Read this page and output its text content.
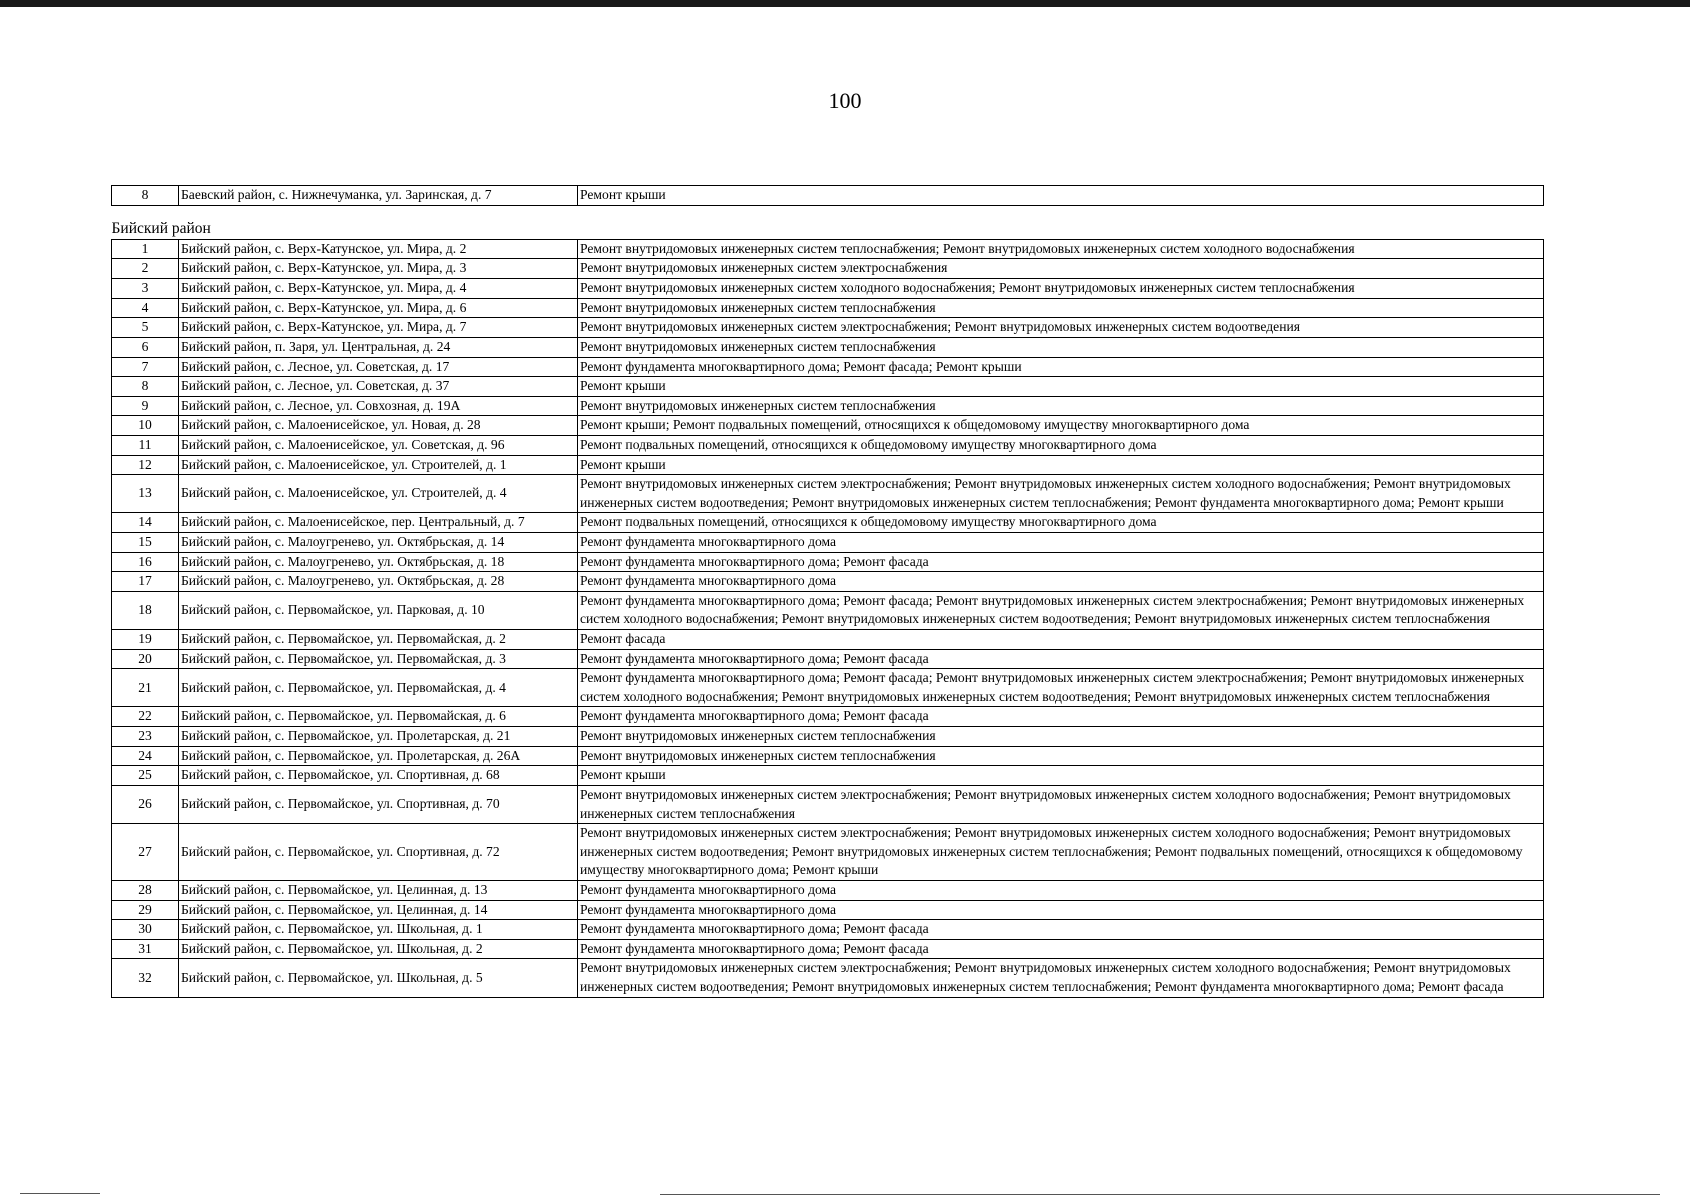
100
8	Баевский район, с. Нижнечуманка, ул. Заринская, д. 7	Ремонт крыши
Бийский район		
1	Бийский район, с. Верх-Катунское, ул. Мира, д. 2	Ремонт внутридомовых инженерных систем теплоснабжения; Ремонт внутридомовых инженерных систем холодного водоснабжения
2	Бийский район, с. Верх-Катунское, ул. Мира, д. 3	Ремонт внутридомовых инженерных систем электроснабжения
3	Бийский район, с. Верх-Катунское, ул. Мира, д. 4	Ремонт внутридомовых инженерных систем холодного водоснабжения; Ремонт внутридомовых инженерных систем теплоснабжения
4	Бийский район, с. Верх-Катунское, ул. Мира, д. 6	Ремонт внутридомовых инженерных систем теплоснабжения
5	Бийский район, с. Верх-Катунское, ул. Мира, д. 7	Ремонт внутридомовых инженерных систем электроснабжения; Ремонт внутридомовых инженерных систем водоотведения
6	Бийский район, п. Заря, ул. Центральная, д. 24	Ремонт внутридомовых инженерных систем теплоснабжения
7	Бийский район, с. Лесное, ул. Советская, д. 17	Ремонт фундамента многоквартирного дома; Ремонт фасада; Ремонт крыши
8	Бийский район, с. Лесное, ул. Советская, д. 37	Ремонт крыши
9	Бийский район, с. Лесное, ул. Совхозная, д. 19А	Ремонт внутридомовых инженерных систем теплоснабжения
10	Бийский район, с. Малоенисейское, ул. Новая, д. 28	Ремонт крыши; Ремонт подвальных помещений, относящихся к общедомовому имуществу многоквартирного дома
11	Бийский район, с. Малоенисейское, ул. Советская, д. 96	Ремонт подвальных помещений, относящихся к общедомовому имуществу многоквартирного дома
12	Бийский район, с. Малоенисейское, ул. Строителей, д. 1	Ремонт крыши
13	Бийский район, с. Малоенисейское, ул. Строителей, д. 4	Ремонт внутридомовых инженерных систем электроснабжения; Ремонт внутридомовых инженерных систем холодного водоснабжения; Ремонт внутридомовых инженерных систем водоотведения; Ремонт внутридомовых инженерных систем теплоснабжения; Ремонт фундамента многоквартирного дома; Ремонт крыши
14	Бийский район, с. Малоенисейское, пер. Центральный, д. 7	Ремонт подвальных помещений, относящихся к общедомовому имуществу многоквартирного дома
15	Бийский район, с. Малоугренево, ул. Октябрьская, д. 14	Ремонт фундамента многоквартирного дома
16	Бийский район, с. Малоугренево, ул. Октябрьская, д. 18	Ремонт фундамента многоквартирного дома; Ремонт фасада
17	Бийский район, с. Малоугренево, ул. Октябрьская, д. 28	Ремонт фундамента многоквартирного дома
18	Бийский район, с. Первомайское, ул. Парковая, д. 10	Ремонт фундамента многоквартирного дома; Ремонт фасада; Ремонт внутридомовых инженерных систем электроснабжения; Ремонт внутридомовых инженерных систем холодного водоснабжения; Ремонт внутридомовых инженерных систем водоотведения; Ремонт внутридомовых инженерных систем теплоснабжения
19	Бийский район, с. Первомайское, ул. Первомайская, д. 2	Ремонт фасада
20	Бийский район, с. Первомайское, ул. Первомайская, д. 3	Ремонт фундамента многоквартирного дома; Ремонт фасада
21	Бийский район, с. Первомайское, ул. Первомайская, д. 4	Ремонт фундамента многоквартирного дома; Ремонт фасада; Ремонт внутридомовых инженерных систем электроснабжения; Ремонт внутридомовых инженерных систем холодного водоснабжения; Ремонт внутридомовых инженерных систем водоотведения; Ремонт внутридомовых инженерных систем теплоснабжения
22	Бийский район, с. Первомайское, ул. Первомайская, д. 6	Ремонт фундамента многоквартирного дома; Ремонт фасада
23	Бийский район, с. Первомайское, ул. Пролетарская, д. 21	Ремонт внутридомовых инженерных систем теплоснабжения
24	Бийский район, с. Первомайское, ул. Пролетарская, д. 26А	Ремонт внутридомовых инженерных систем теплоснабжения
25	Бийский район, с. Первомайское, ул. Спортивная, д. 68	Ремонт крыши
26	Бийский район, с. Первомайское, ул. Спортивная, д. 70	Ремонт внутридомовых инженерных систем электроснабжения; Ремонт внутридомовых инженерных систем холодного водоснабжения; Ремонт внутридомовых инженерных систем теплоснабжения
27	Бийский район, с. Первомайское, ул. Спортивная, д. 72	Ремонт внутридомовых инженерных систем электроснабжения; Ремонт внутридомовых инженерных систем холодного водоснабжения; Ремонт внутридомовых инженерных систем водоотведения; Ремонт внутридомовых инженерных систем теплоснабжения; Ремонт подвальных помещений, относящихся к общедомовому имуществу многоквартирного дома; Ремонт крыши
28	Бийский район, с. Первомайское, ул. Целинная, д. 13	Ремонт фундамента многоквартирного дома
29	Бийский район, с. Первомайское, ул. Целинная, д. 14	Ремонт фундамента многоквартирного дома
30	Бийский район, с. Первомайское, ул. Школьная, д. 1	Ремонт фундамента многоквартирного дома; Ремонт фасада
31	Бийский район, с. Первомайское, ул. Школьная, д. 2	Ремонт фундамента многоквартирного дома; Ремонт фасада
32	Бийский район, с. Первомайское, ул. Школьная, д. 5	Ремонт внутридомовых инженерных систем электроснабжения; Ремонт внутридомовых инженерных систем холодного водоснабжения; Ремонт внутридомовых инженерных систем водоотведения; Ремонт внутридомовых инженерных систем теплоснабжения; Ремонт фундамента многоквартирного дома; Ремонт фасада
